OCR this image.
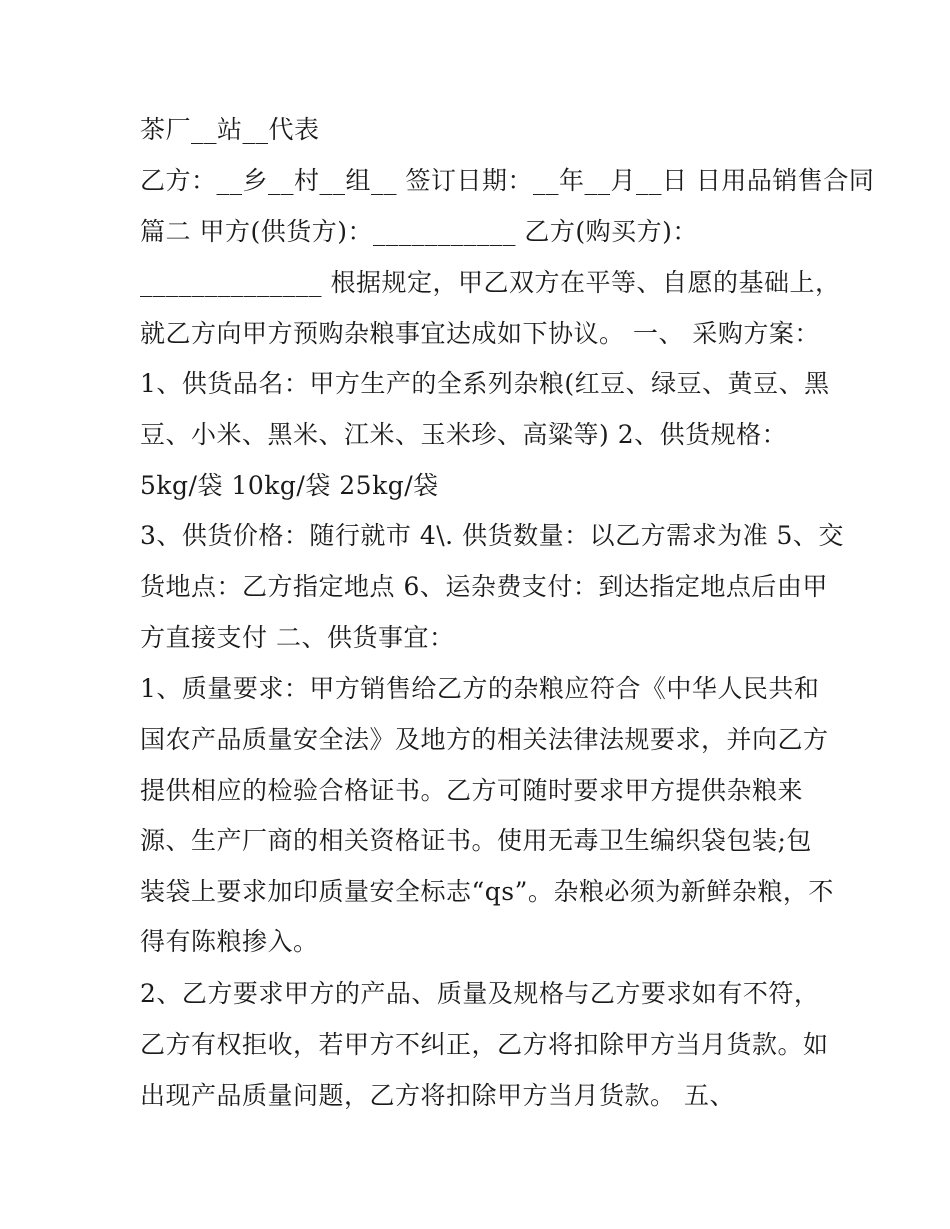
茶厂__站__代表
乙方：__乡__村__组__ 签订日期：__年__月__日 日用品销售合同
篇二 甲方(供货方)：___________ 乙方(购买方)：
______________ 根据规定，甲乙双方在平等、自愿的基础上，
就乙方向甲方预购杂粮事宜达成如下协议。 一、 采购方案：
1、供货品名：甲方生产的全系列杂粮(红豆、绿豆、黄豆、黑
豆、小米、黑米、江米、玉米珍、高粱等) 2、供货规格：
5kg/袋 10kg/袋 25kg/袋
3、供货价格：随行就市 4\. 供货数量：以乙方需求为准 5、交
货地点：乙方指定地点 6、运杂费支付：到达指定地点后由甲
方直接支付 二、供货事宜：
1、质量要求：甲方销售给乙方的杂粮应符合《中华人民共和
国农产品质量安全法》及地方的相关法律法规要求，并向乙方
提供相应的检验合格证书。乙方可随时要求甲方提供杂粮来
源、生产厂商的相关资格证书。使用无毒卫生编织袋包装;包
装袋上要求加印质量安全标志“qs”。杂粮必须为新鲜杂粮，不
得有陈粮掺入。
2、乙方要求甲方的产品、质量及规格与乙方要求如有不符，
乙方有权拒收，若甲方不纠正，乙方将扣除甲方当月货款。如
出现产品质量问题，乙方将扣除甲方当月货款。 五、
